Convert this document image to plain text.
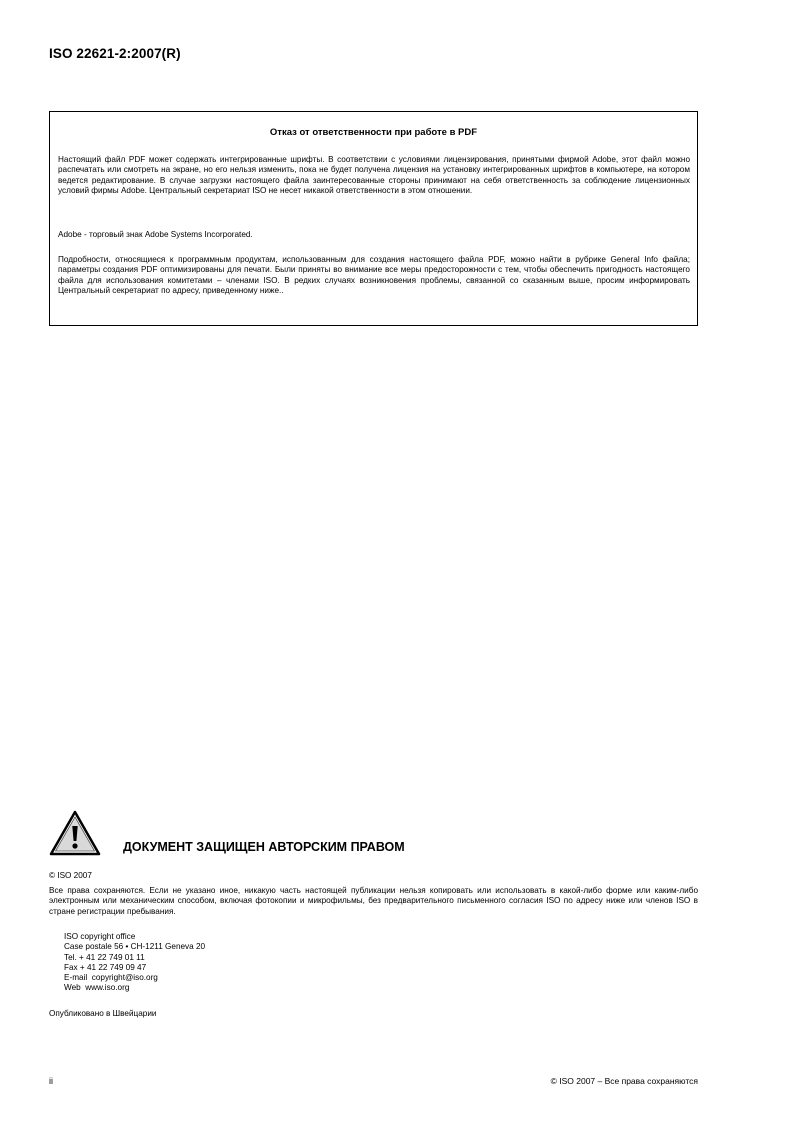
ISO 22621-2:2007(R)
Отказ от ответственности при работе в PDF

Настоящий файл PDF может содержать интегрированные шрифты. В соответствии с условиями лицензирования, принятыми фирмой Adobe, этот файл можно распечатать или смотреть на экране, но его нельзя изменить, пока не будет получена лицензия на установку интегрированных шрифтов в компьютере, на котором ведется редактирование. В случае загрузки настоящего файла заинтересованные стороны принимают на себя ответственность за соблюдение лицензионных условий фирмы Adobe. Центральный секретариат ISO не несет никакой ответственности в этом отношении.

Adobe - торговый знак Adobe Systems Incorporated.

Подробности, относящиеся к программным продуктам, использованным для создания настоящего файла PDF, можно найти в рубрике General Info файла; параметры создания PDF оптимизированы для печати. Были приняты во внимание все меры предосторожности с тем, чтобы обеспечить пригодность настоящего файла для использования комитетами – членами ISO. В редких случаях возникновения проблемы, связанной со сказанным выше, просим информировать Центральный секретариат по адресу, приведенному ниже..

ДОКУМЕНТ ЗАЩИЩЕН АВТОРСКИМ ПРАВОМ
© ISO 2007

Все права сохраняются. Если не указано иное, никакую часть настоящей публикации нельзя копировать или использовать в какой-либо форме или каким-либо электронным или механическим способом, включая фотокопии и микрофильмы, без предварительного письменного согласия ISO по адресу ниже или членов ISO в стране регистрации пребывания.

ISO copyright office
Case postale 56 • CH-1211 Geneva 20
Tel. + 41 22 749 01 11
Fax + 41 22 749 09 47
E-mail  copyright@iso.org
Web  www.iso.org
Опубликовано в Швейцарии
ii	© ISO 2007 – Все права сохраняются
